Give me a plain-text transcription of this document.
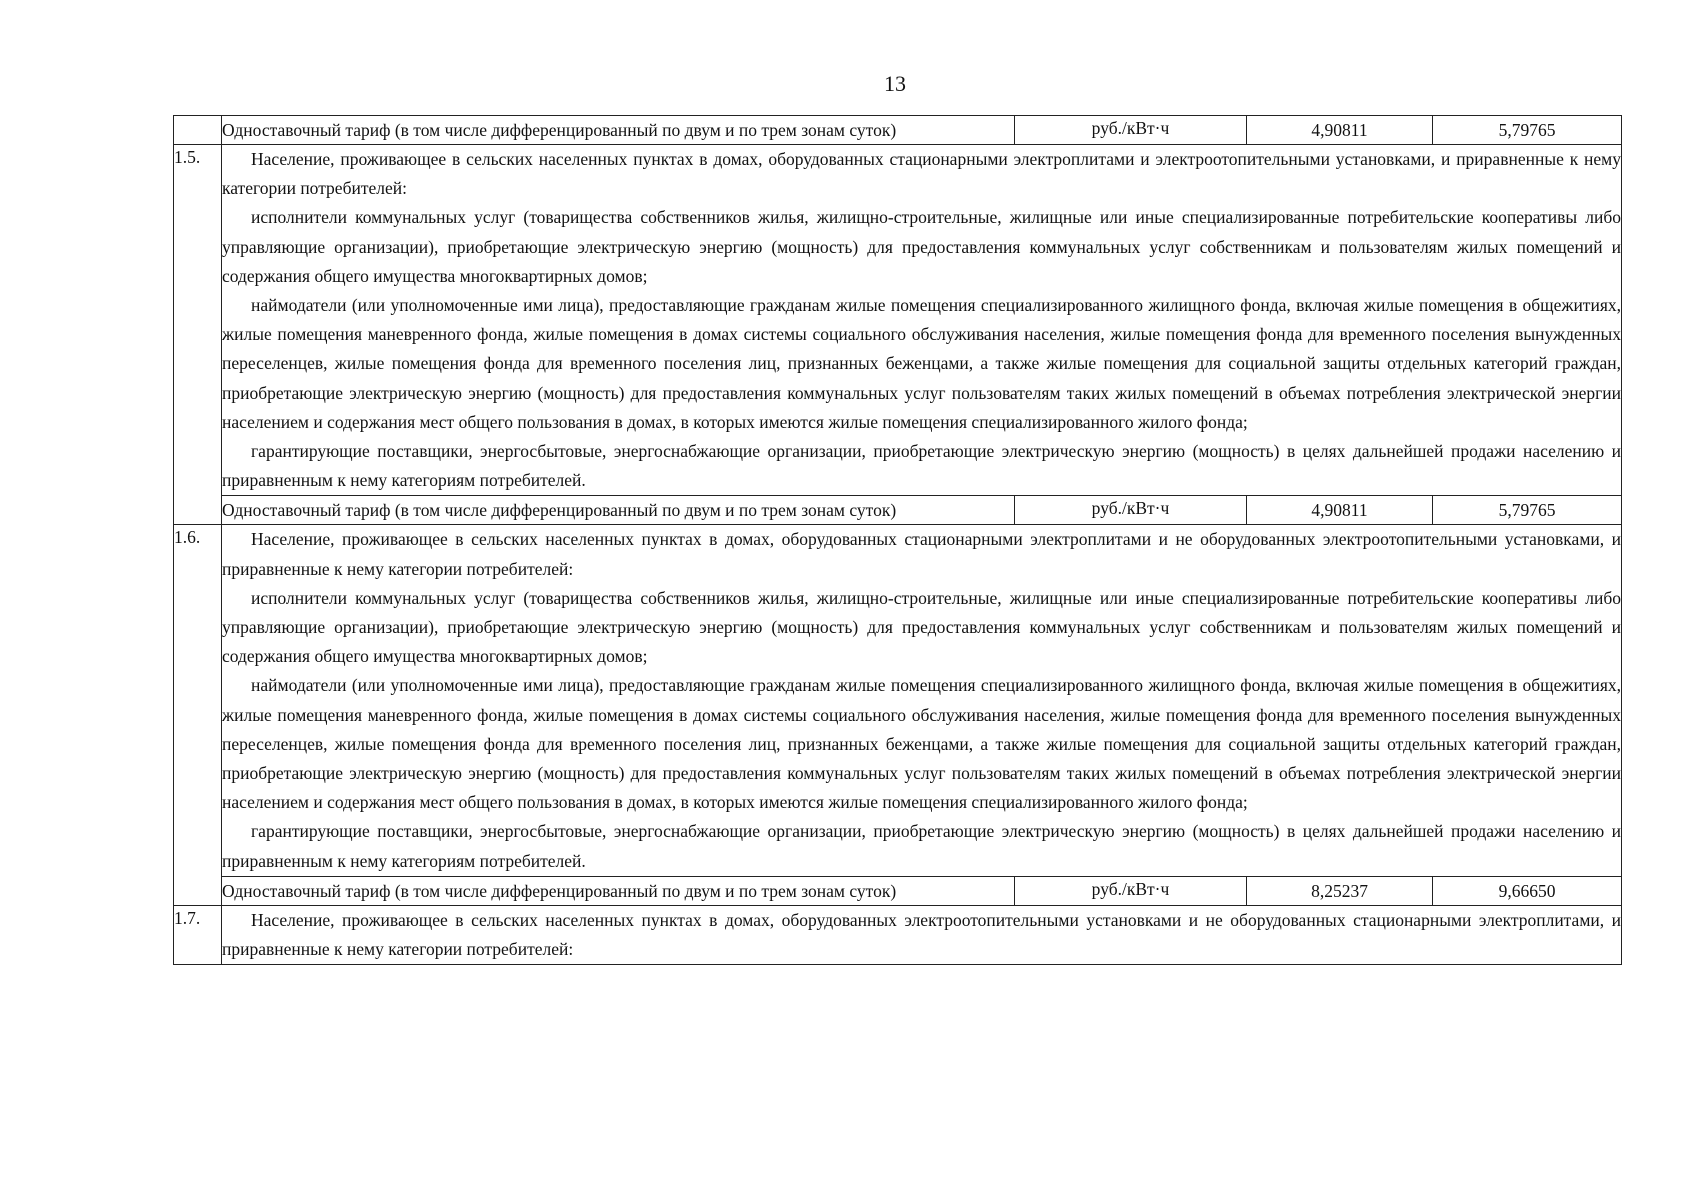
13
	Одноставочный тариф (в том числе дифференцированный по двум и по трем зонам суток)	руб./кВт·ч	4,90811	5,79765
1.5.	Население, проживающее в сельских населенных пунктах в домах, оборудованных стационарными электроплитами и электроотопительными установками, и приравненные к нему категории потребителей:

исполнители коммунальных услуг (товарищества собственников жилья, жилищно-строительные, жилищные или иные специализированные потребительские кооперативы либо управляющие организации), приобретающие электрическую энергию (мощность) для предоставления коммунальных услуг собственникам и пользователям жилых помещений и содержания общего имущества многоквартирных домов;

наймодатели (или уполномоченные ими лица), предоставляющие гражданам жилые помещения специализированного жилищного фонда, включая жилые помещения в общежитиях, жилые помещения маневренного фонда, жилые помещения в домах системы социального обслуживания населения, жилые помещения фонда для временного поселения вынужденных переселенцев, жилые помещения фонда для временного поселения лиц, признанных беженцами, а также жилые помещения для социальной защиты отдельных категорий граждан, приобретающие электрическую энергию (мощность) для предоставления коммунальных услуг пользователям таких жилых помещений в объемах потребления электрической энергии населением и содержания мест общего пользования в домах, в которых имеются жилые помещения специализированного жилого фонда;

гарантирующие поставщики, энергосбытовые, энергоснабжающие организации, приобретающие электрическую энергию (мощность) в целях дальнейшей продажи населению и приравненным к нему категориям потребителей.			

	Одноставочный тариф (в том числе дифференцированный по двум и по трем зонам суток)	руб./кВт·ч	4,90811	5,79765
1.6.	Население, проживающее в сельских населенных пунктах в домах, оборудованных стационарными электроплитами и не оборудованных электроотопительными установками, и приравненные к нему категории потребителей:

исполнители коммунальных услуг (товарищества собственников жилья, жилищно-строительные, жилищные или иные специализированные потребительские кооперативы либо управляющие организации), приобретающие электрическую энергию (мощность) для предоставления коммунальных услуг собственникам и пользователям жилых помещений и содержания общего имущества многоквартирных домов;

наймодатели (или уполномоченные ими лица), предоставляющие гражданам жилые помещения специализированного жилищного фонда, включая жилые помещения в общежитиях, жилые помещения маневренного фонда, жилые помещения в домах системы социального обслуживания населения, жилые помещения фонда для временного поселения вынужденных переселенцев, жилые помещения фонда для временного поселения лиц, признанных беженцами, а также жилые помещения для социальной защиты отдельных категорий граждан, приобретающие электрическую энергию (мощность) для предоставления коммунальных услуг пользователям таких жилых помещений в объемах потребления электрической энергии населением и содержания мест общего пользования в домах, в которых имеются жилые помещения специализированного жилого фонда;

гарантирующие поставщики, энергосбытовые, энергоснабжающие организации, приобретающие электрическую энергию (мощность) в целях дальнейшей продажи населению и приравненным к нему категориям потребителей.			

	Одноставочный тариф (в том числе дифференцированный по двум и по трем зонам суток)	руб./кВт·ч	8,25237	9,66650
1.7.	Население, проживающее в сельских населенных пунктах в домах, оборудованных электроотопительными установками и не оборудованных стационарными электроплитами, и приравненные к нему категории потребителей:			
